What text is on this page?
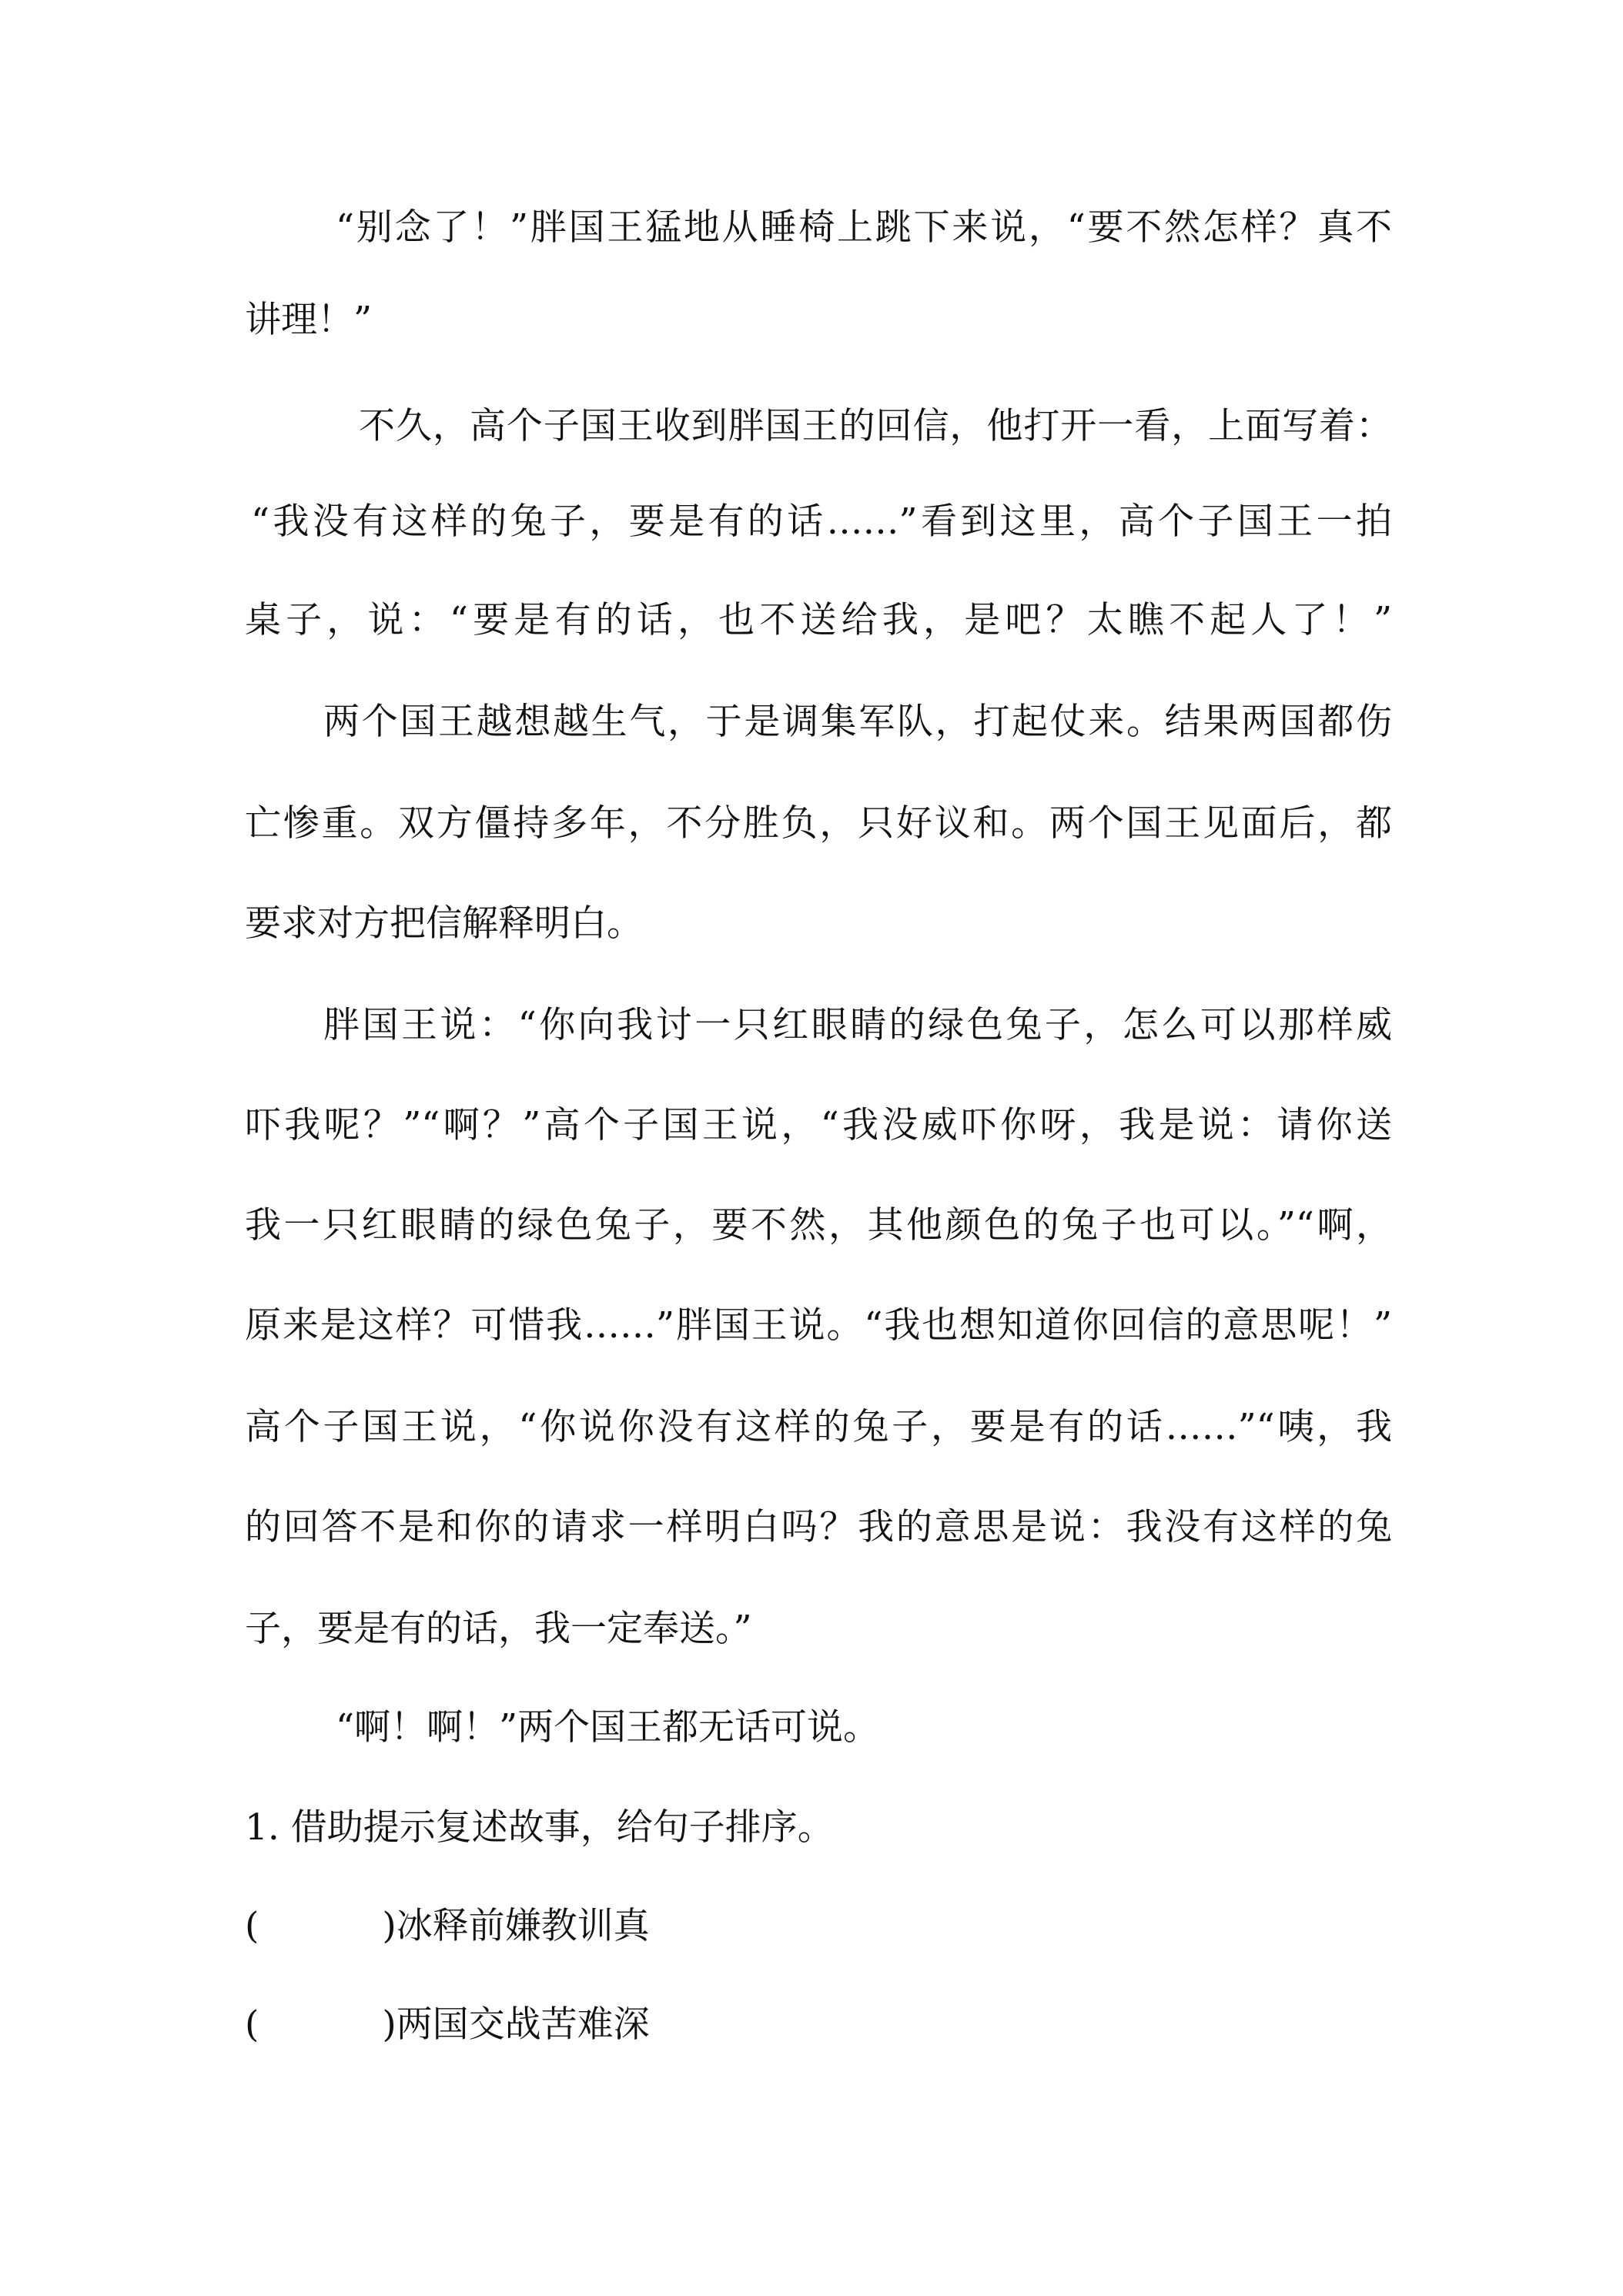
“别念了！”胖国王猛地从睡椅上跳下来说，“要不然怎样？真不
讲理！”
不久，高个子国王收到胖国王的回信，他打开一看，上面写着：
“我没有这样的兔子，要是有的话……”看到这里，高个子国王一拍
桌子，说：“要是有的话，也不送给我，是吧？太瞧不起人了！”
两个国王越想越生气，于是调集军队，打起仗来。结果两国都伤
亡惨重。双方僵持多年，不分胜负，只好议和。两个国王见面后，都
要求对方把信解释明白。
胖国王说：“你向我讨一只红眼睛的绿色兔子，怎么可以那样威
吓我呢？”“啊？”高个子国王说，“我没威吓你呀，我是说：请你送
我一只红眼睛的绿色兔子，要不然，其他颜色的兔子也可以。”“啊，
原来是这样？可惜我……”胖国王说。“我也想知道你回信的意思呢！”
高个子国王说，“你说你没有这样的兔子，要是有的话……”“咦，我
的回答不是和你的请求一样明白吗？我的意思是说：我没有这样的兔
子，要是有的话，我一定奉送。”
“啊！啊！”两个国王都无话可说。
1. 借助提示复述故事，给句子排序。
(	)冰释前嫌教训真
(	)两国交战苦难深
